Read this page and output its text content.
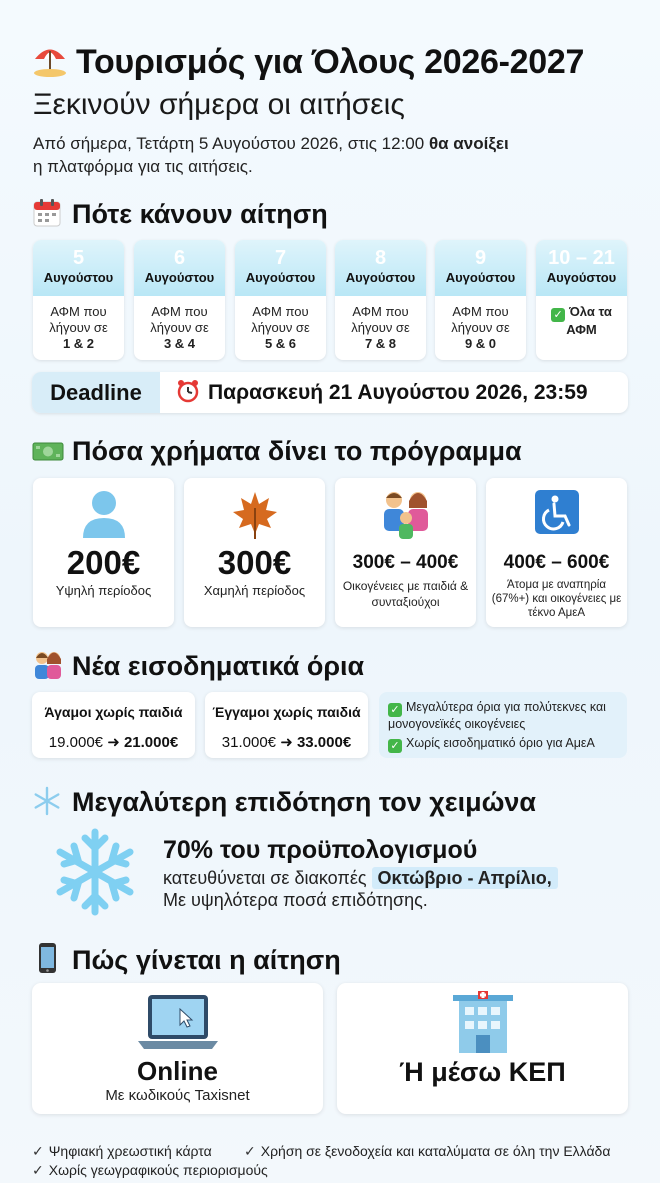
Τουρισμός για Όλους 2026-2027
Ξεκινούν σήμερα οι αιτήσεις
Από σήμερα, Τετάρτη 5 Αυγούστου 2026, στις 12:00 θα ανοίξει
η πλατφόρμα για τις αιτήσεις.
Πότε κάνουν αίτηση
5
Αυγούστου
ΑΦΜ που λήγουν σε
1 & 2
6
Αυγούστου
ΑΦΜ που λήγουν σε
3 & 4
7
Αυγούστου
ΑΦΜ που λήγουν σε
5 & 6
8
Αυγούστου
ΑΦΜ που λήγουν σε
7 & 8
9
Αυγούστου
ΑΦΜ που λήγουν σε
9 & 0
10 – 21
Αυγούστου
✓ Όλα τα ΑΦΜ
Deadline	Παρασκευή 21 Αυγούστου 2026, 23:59
Πόσα χρήματα δίνει το πρόγραμμα
200€
Υψηλή περίοδος
300€
Χαμηλή περίοδος
300€ – 400€
Οικογένειες με παιδιά & συνταξιούχοι
400€ – 600€
Άτομα με αναπηρία (67%+) και οικογένειες με τέκνο ΑμεΑ
Νέα εισοδηματικά όρια
Άγαμοι χωρίς παιδιά
19.000€ ➜ 21.000€
Έγγαμοι χωρίς παιδιά
31.000€ ➜ 33.000€
✓ Μεγαλύτερα όρια για πολύτεκνες και μονογονεϊκές οικογένειες
✓ Χωρίς εισοδηματικό όριο για ΑμεΑ
Μεγαλύτερη επιδότηση τον χειμώνα
70% του προϋπολογισμού
κατευθύνεται σε διακοπές Οκτώβριο - Απρίλιο,
Με υψηλότερα ποσά επιδότησης.
Πώς γίνεται η αίτηση
Online
Με κωδικούς Taxisnet
Ή μέσω ΚΕΠ
✓ Ψηφιακή χρεωστική κάρτα ✓ Χρήση σε ξενοδοχεία και καταλύματα σε όλη την Ελλάδα
✓ Χωρίς γεωγραφικούς περιορισμούς
